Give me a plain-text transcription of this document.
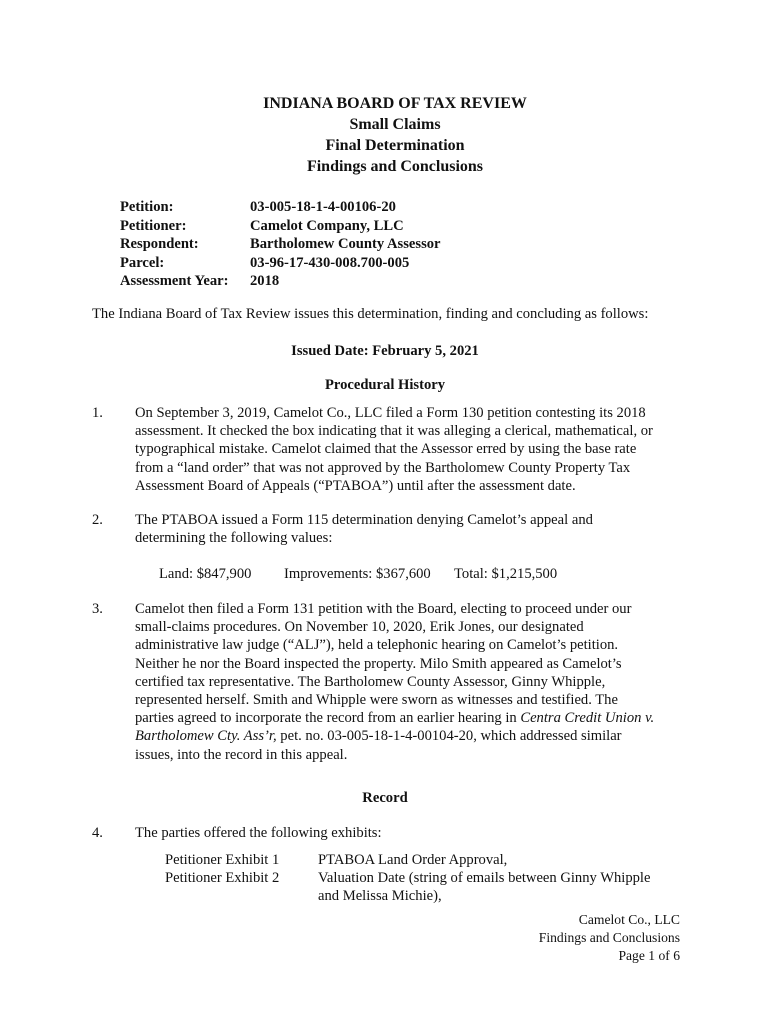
INDIANA BOARD OF TAX REVIEW
Small Claims
Final Determination
Findings and Conclusions
Petition:	03-005-18-1-4-00106-20
Petitioner:	Camelot Company, LLC
Respondent:	Bartholomew County Assessor
Parcel:	03-96-17-430-008.700-005
Assessment Year: 2018
The Indiana Board of Tax Review issues this determination, finding and concluding as follows:
Issued Date: February 5, 2021
Procedural History
1. On September 3, 2019, Camelot Co., LLC filed a Form 130 petition contesting its 2018
assessment. It checked the box indicating that it was alleging a clerical, mathematical, or
typographical mistake. Camelot claimed that the Assessor erred by using the base rate
from a “land order” that was not approved by the Bartholomew County Property Tax
Assessment Board of Appeals (“PTABOA”) until after the assessment date.
2. The PTABOA issued a Form 115 determination denying Camelot’s appeal and
determining the following values:
Land: $847,900 Improvements: $367,600 Total: $1,215,500
3. Camelot then filed a Form 131 petition with the Board, electing to proceed under our
small-claims procedures. On November 10, 2020, Erik Jones, our designated
administrative law judge (“ALJ”), held a telephonic hearing on Camelot’s petition.
Neither he nor the Board inspected the property. Milo Smith appeared as Camelot’s
certified tax representative. The Bartholomew County Assessor, Ginny Whipple,
represented herself. Smith and Whipple were sworn as witnesses and testified. The
parties agreed to incorporate the record from an earlier hearing in Centra Credit Union v.
Bartholomew Cty. Ass’r, pet. no. 03-005-18-1-4-00104-20, which addressed similar
issues, into the record in this appeal.
Record
4. The parties offered the following exhibits:
Petitioner Exhibit 1	PTABOA Land Order Approval,
Petitioner Exhibit 2	Valuation Date (string of emails between Ginny Whipple
and Melissa Michie),
Camelot Co., LLC
Findings and Conclusions
Page 1 of 6
